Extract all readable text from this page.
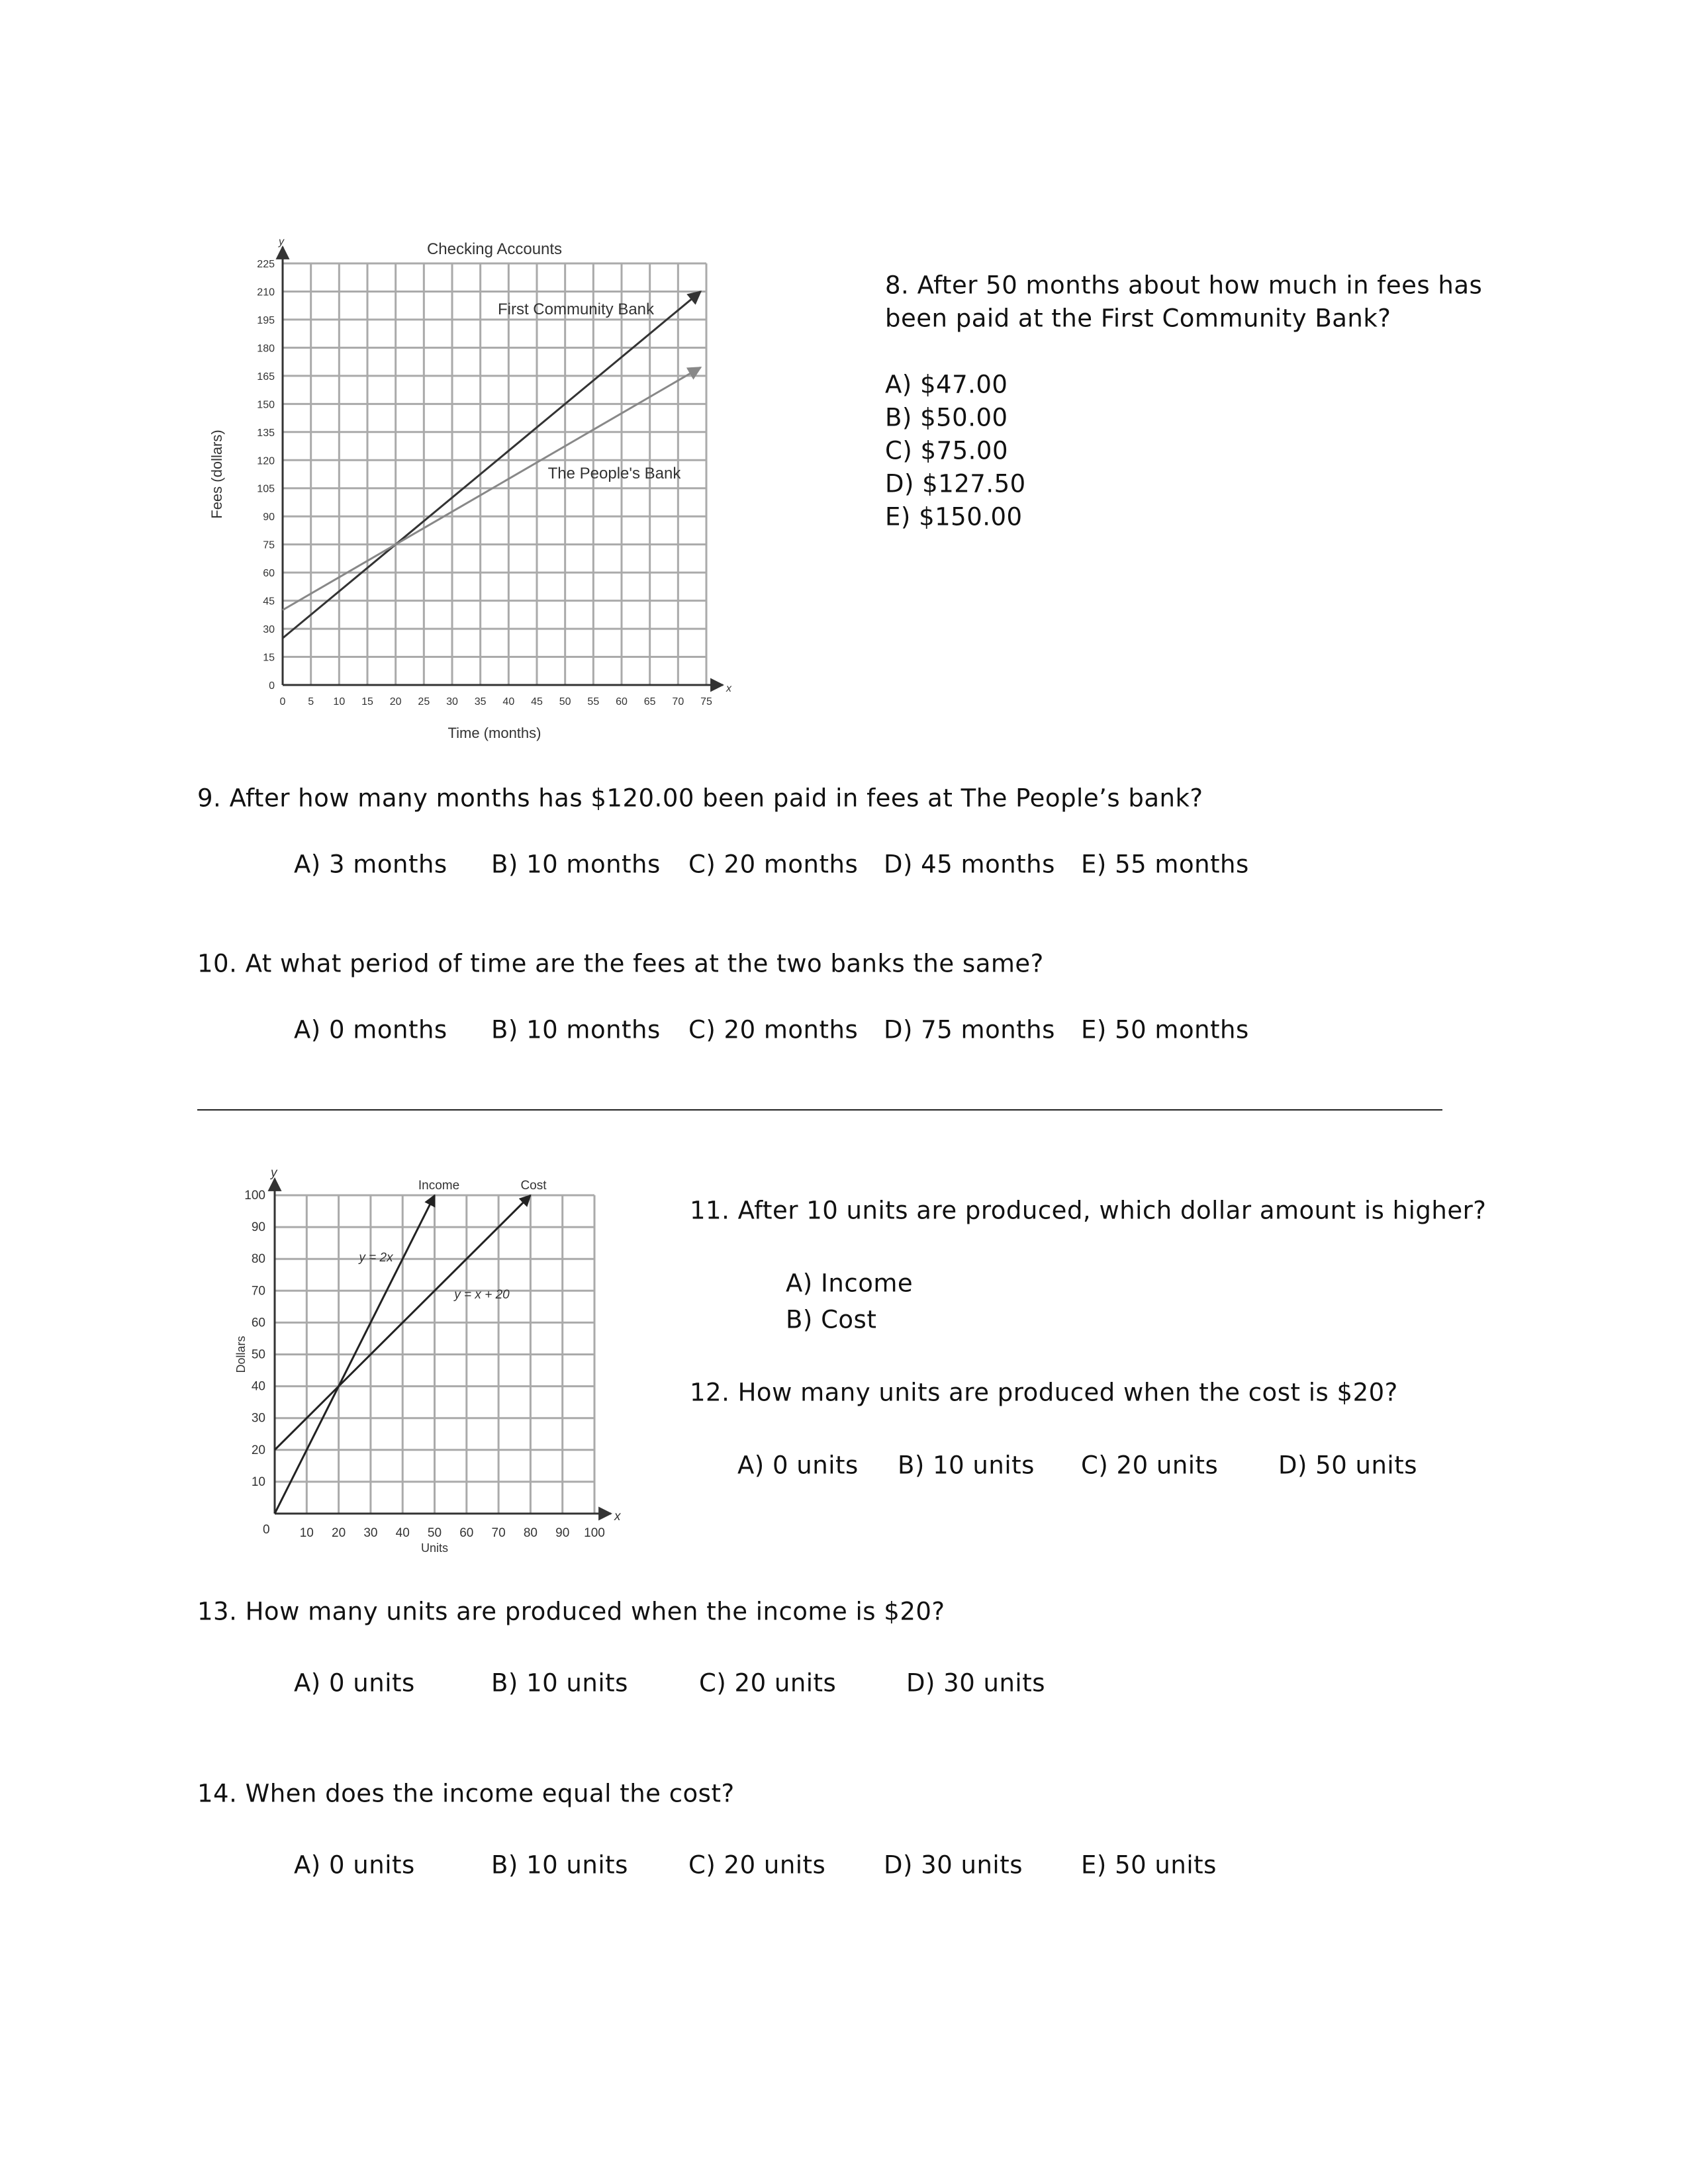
0 5 10 15 20 25 30 35 40 45 50 55 60 65 70 75
0
15
30
45
60
75
90
105
120
135
150
165
180
195
210
225
y
x
Time (months)
Fees (dollars)
Checking Accounts
10 20 30 40 50 60 70 80 90 100
10
20
30
40
50
60
70
80
90
100
0
y
x
Units
Dollars
First Community Bank
The People's Bank
Income	Cost
y = 2x
y = x + 20
8. After 50 months about how much in fees has
been paid at the First Community Bank?
A) $47.00
B) $50.00
C) $75.00
D) $127.50
E) $150.00
9. After how many months has $120.00 been paid in fees at The People’s bank?
A) 3 months B) 10 months C) 20 months D) 45 months E) 55 months
10. At what period of time are the fees at the two banks the same?
A) 0 months B) 10 months C) 20 months D) 75 months E) 50 months
11. After 10 units are produced, which dollar amount is higher?
A) Income
B) Cost
12. How many units are produced when the cost is $20?
A) 0 units B) 10 units C) 20 units D) 50 units
13. How many units are produced when the income is $20?
A) 0 units	B) 10 units	C) 20 units	D) 30 units
14. When does the income equal the cost?
A) 0 units	B) 10 units C) 20 units D) 30 units E) 50 units
